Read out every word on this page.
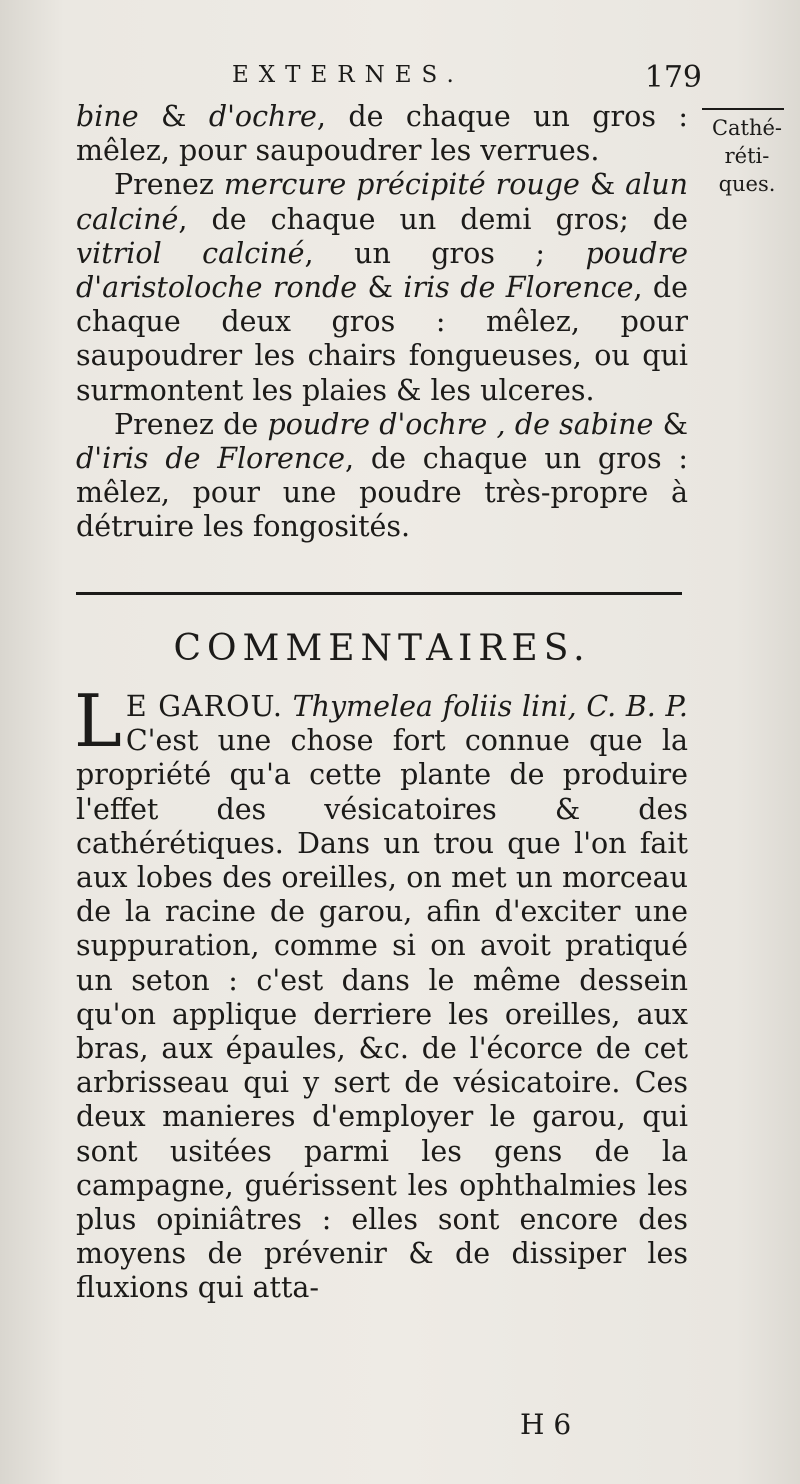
EXTERNES.	179
Cathé-
réti-
ques.

bine & d'ochre, de chaque un gros : mêlez, pour saupoudrer les verrues.

Prenez mercure précipité rouge & alun calciné, de chaque un demi gros; de vitriol calciné, un gros ; poudre d'aristoloche ronde & iris de Florence, de chaque deux gros : mêlez, pour saupoudrer les chairs fongueuses, ou qui surmontent les plaies & les ulceres.

Prenez de poudre d'ochre , de sabine & d'iris de Florence, de chaque un gros : mêlez, pour une poudre très-propre à détruire les fongosités.

COMMENTAIRES.

L E GAROU. Thymelea foliis lini, C. B. P. C'est une chose fort connue que la propriété qu'a cette plante de produire l'effet des vésicatoires & des cathérétiques. Dans un trou que l'on fait aux lobes des oreilles, on met un morceau de la racine de garou, afin d'exciter une suppuration, comme si on avoit pratiqué un seton : c'est dans le même dessein qu'on applique derriere les oreilles, aux bras, aux épaules, &c. de l'écorce de cet arbrisseau qui y sert de vésicatoire. Ces deux manieres d'employer le garou, qui sont usitées parmi les gens de la campagne, guérissent les ophthalmies les plus opiniâtres : elles sont encore des moyens de prévenir & de dissiper les fluxions qui atta-

H 6
